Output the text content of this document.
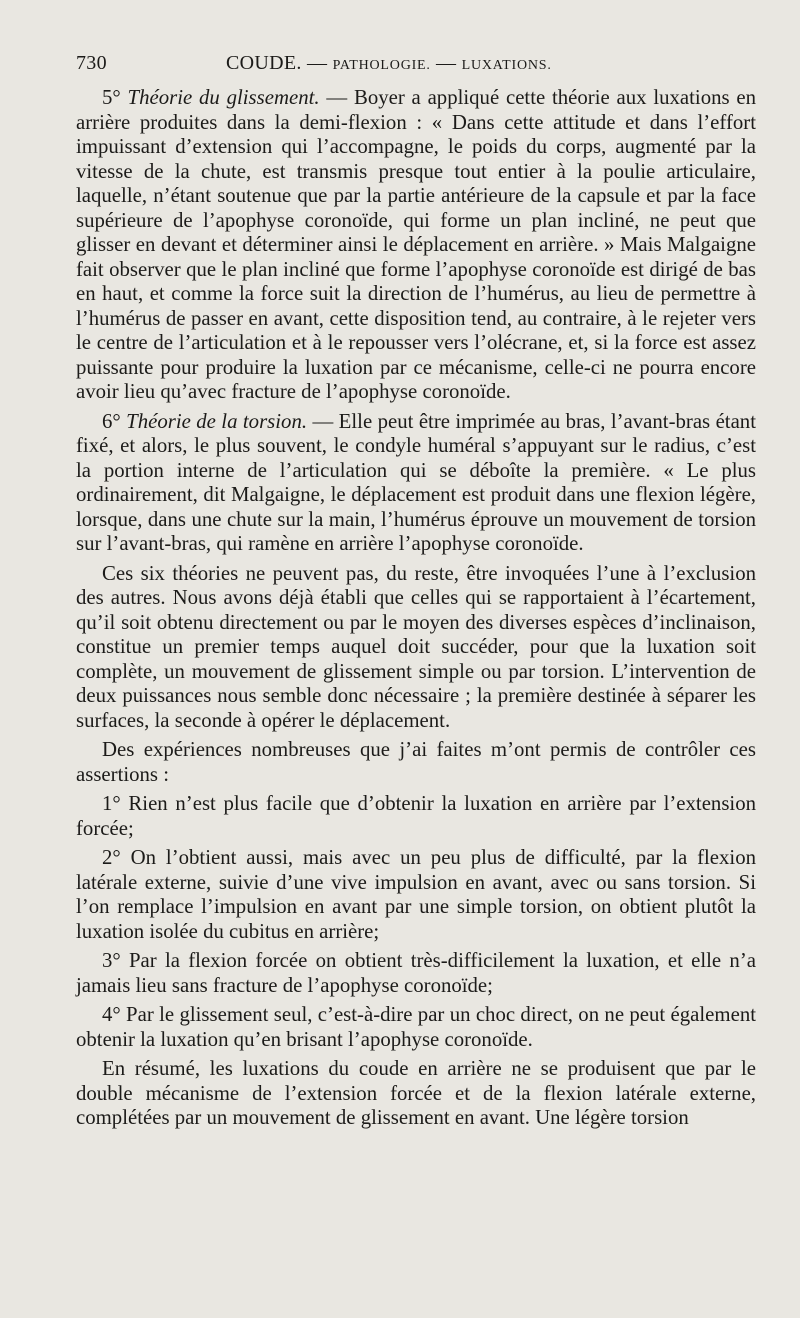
730	COUDE. — PATHOLOGIE. — LUXATIONS.

5° Théorie du glissement. — Boyer a appliqué cette théorie aux luxations en arrière produites dans la demi-flexion : « Dans cette attitude et dans l’effort impuissant d’extension qui l’accompagne, le poids du corps, augmenté par la vitesse de la chute, est transmis presque tout entier à la poulie articulaire, laquelle, n’étant soutenue que par la partie antérieure de la capsule et par la face supérieure de l’apophyse coronoïde, qui forme un plan incliné, ne peut que glisser en devant et déterminer ainsi le déplacement en arrière. » Mais Malgaigne fait observer que le plan incliné que forme l’apophyse coronoïde est dirigé de bas en haut, et comme la force suit la direction de l’humérus, au lieu de permettre à l’humérus de passer en avant, cette disposition tend, au contraire, à le rejeter vers le centre de l’articulation et à le repousser vers l’olécrane, et, si la force est assez puissante pour produire la luxation par ce mécanisme, celle-ci ne pourra encore avoir lieu qu’avec fracture de l’apophyse coronoïde.

6° Théorie de la torsion. — Elle peut être imprimée au bras, l’avant-bras étant fixé, et alors, le plus souvent, le condyle huméral s’appuyant sur le radius, c’est la portion interne de l’articulation qui se déboîte la première. « Le plus ordinairement, dit Malgaigne, le déplacement est produit dans une flexion légère, lorsque, dans une chute sur la main, l’humérus éprouve un mouvement de torsion sur l’avant-bras, qui ramène en arrière l’apophyse coronoïde.

Ces six théories ne peuvent pas, du reste, être invoquées l’une à l’exclusion des autres. Nous avons déjà établi que celles qui se rapportaient à l’écartement, qu’il soit obtenu directement ou par le moyen des diverses espèces d’inclinaison, constitue un premier temps auquel doit succéder, pour que la luxation soit complète, un mouvement de glissement simple ou par torsion. L’intervention de deux puissances nous semble donc nécessaire ; la première destinée à séparer les surfaces, la seconde à opérer le déplacement.

Des expériences nombreuses que j’ai faites m’ont permis de contrôler ces assertions :

1° Rien n’est plus facile que d’obtenir la luxation en arrière par l’extension forcée;

2° On l’obtient aussi, mais avec un peu plus de difficulté, par la flexion latérale externe, suivie d’une vive impulsion en avant, avec ou sans torsion. Si l’on remplace l’impulsion en avant par une simple torsion, on obtient plutôt la luxation isolée du cubitus en arrière;

3° Par la flexion forcée on obtient très-difficilement la luxation, et elle n’a jamais lieu sans fracture de l’apophyse coronoïde;

4° Par le glissement seul, c’est-à-dire par un choc direct, on ne peut également obtenir la luxation qu’en brisant l’apophyse coronoïde.

En résumé, les luxations du coude en arrière ne se produisent que par le double mécanisme de l’extension forcée et de la flexion latérale externe, complétées par un mouvement de glissement en avant. Une légère torsion
